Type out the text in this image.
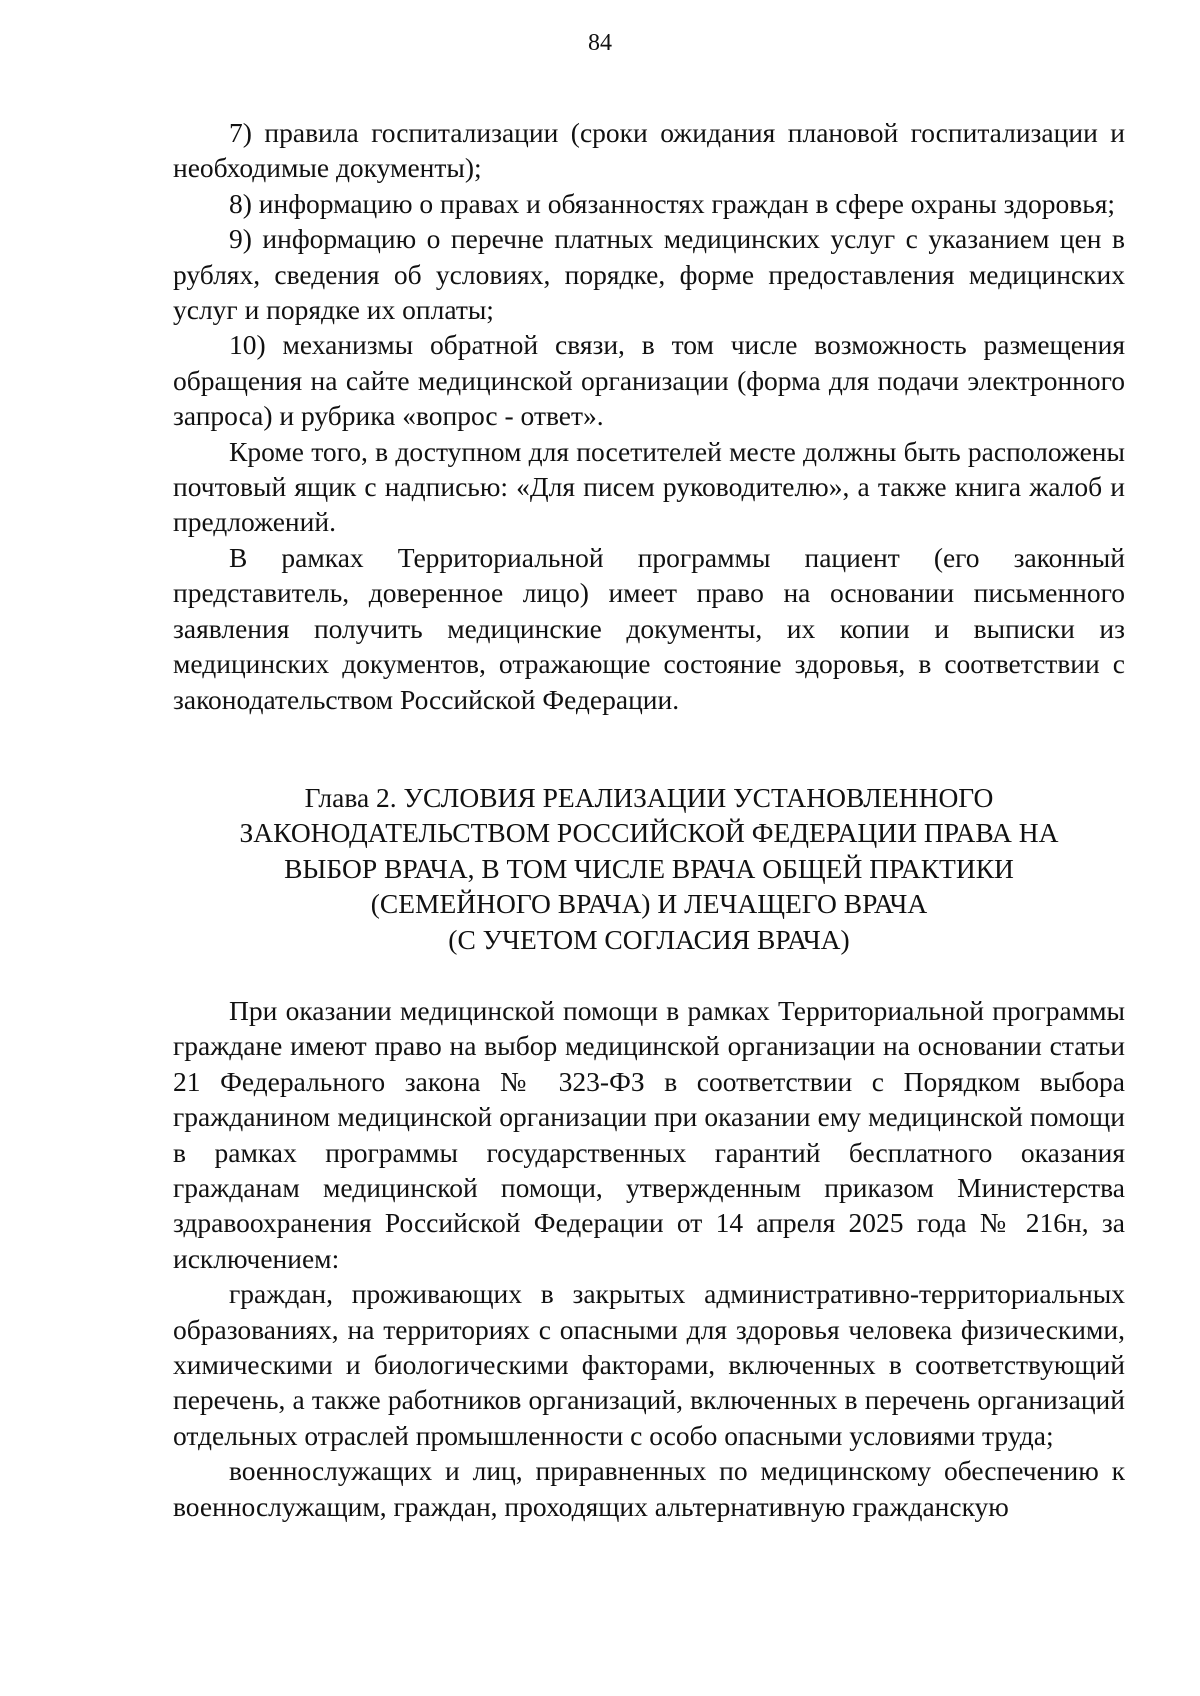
84

7) правила госпитализации (сроки ожидания плановой госпитализации и необходимые документы);

8) информацию о правах и обязанностях граждан в сфере охраны здоровья;

9) информацию о перечне платных медицинских услуг с указанием цен в рублях, сведения об условиях, порядке, форме предоставления медицинских услуг и порядке их оплаты;

10) механизмы обратной связи, в том числе возможность размещения обращения на сайте медицинской организации (форма для подачи электронного запроса) и рубрика «вопрос - ответ».

Кроме того, в доступном для посетителей месте должны быть расположены почтовый ящик с надписью: «Для писем руководителю», а также книга жалоб и предложений.

В рамках Территориальной программы пациент (его законный представитель, доверенное лицо) имеет право на основании письменного заявления получить медицинские документы, их копии и выписки из медицинских документов, отражающие состояние здоровья, в соответствии с законодательством Российской Федерации.

Глава 2. УСЛОВИЯ РЕАЛИЗАЦИИ УСТАНОВЛЕННОГО
ЗАКОНОДАТЕЛЬСТВОМ РОССИЙСКОЙ ФЕДЕРАЦИИ ПРАВА НА
ВЫБОР ВРАЧА, В ТОМ ЧИСЛЕ ВРАЧА ОБЩЕЙ ПРАКТИКИ
(СЕМЕЙНОГО ВРАЧА) И ЛЕЧАЩЕГО ВРАЧА
(С УЧЕТОМ СОГЛАСИЯ ВРАЧА)

При оказании медицинской помощи в рамках Территориальной программы граждане имеют право на выбор медицинской организации на основании статьи 21 Федерального закона № 323-ФЗ в соответствии с Порядком выбора гражданином медицинской организации при оказании ему медицинской помощи в рамках программы государственных гарантий бесплатного оказания гражданам медицинской помощи, утвержденным приказом Министерства здравоохранения Российской Федерации от 14 апреля 2025 года № 216н, за исключением:

граждан, проживающих в закрытых административно-территориальных образованиях, на территориях с опасными для здоровья человека физическими, химическими и биологическими факторами, включенных в соответствующий перечень, а также работников организаций, включенных в перечень организаций отдельных отраслей промышленности с особо опасными условиями труда;

военнослужащих и лиц, приравненных по медицинскому обеспечению к военнослужащим, граждан, проходящих альтернативную гражданскую
